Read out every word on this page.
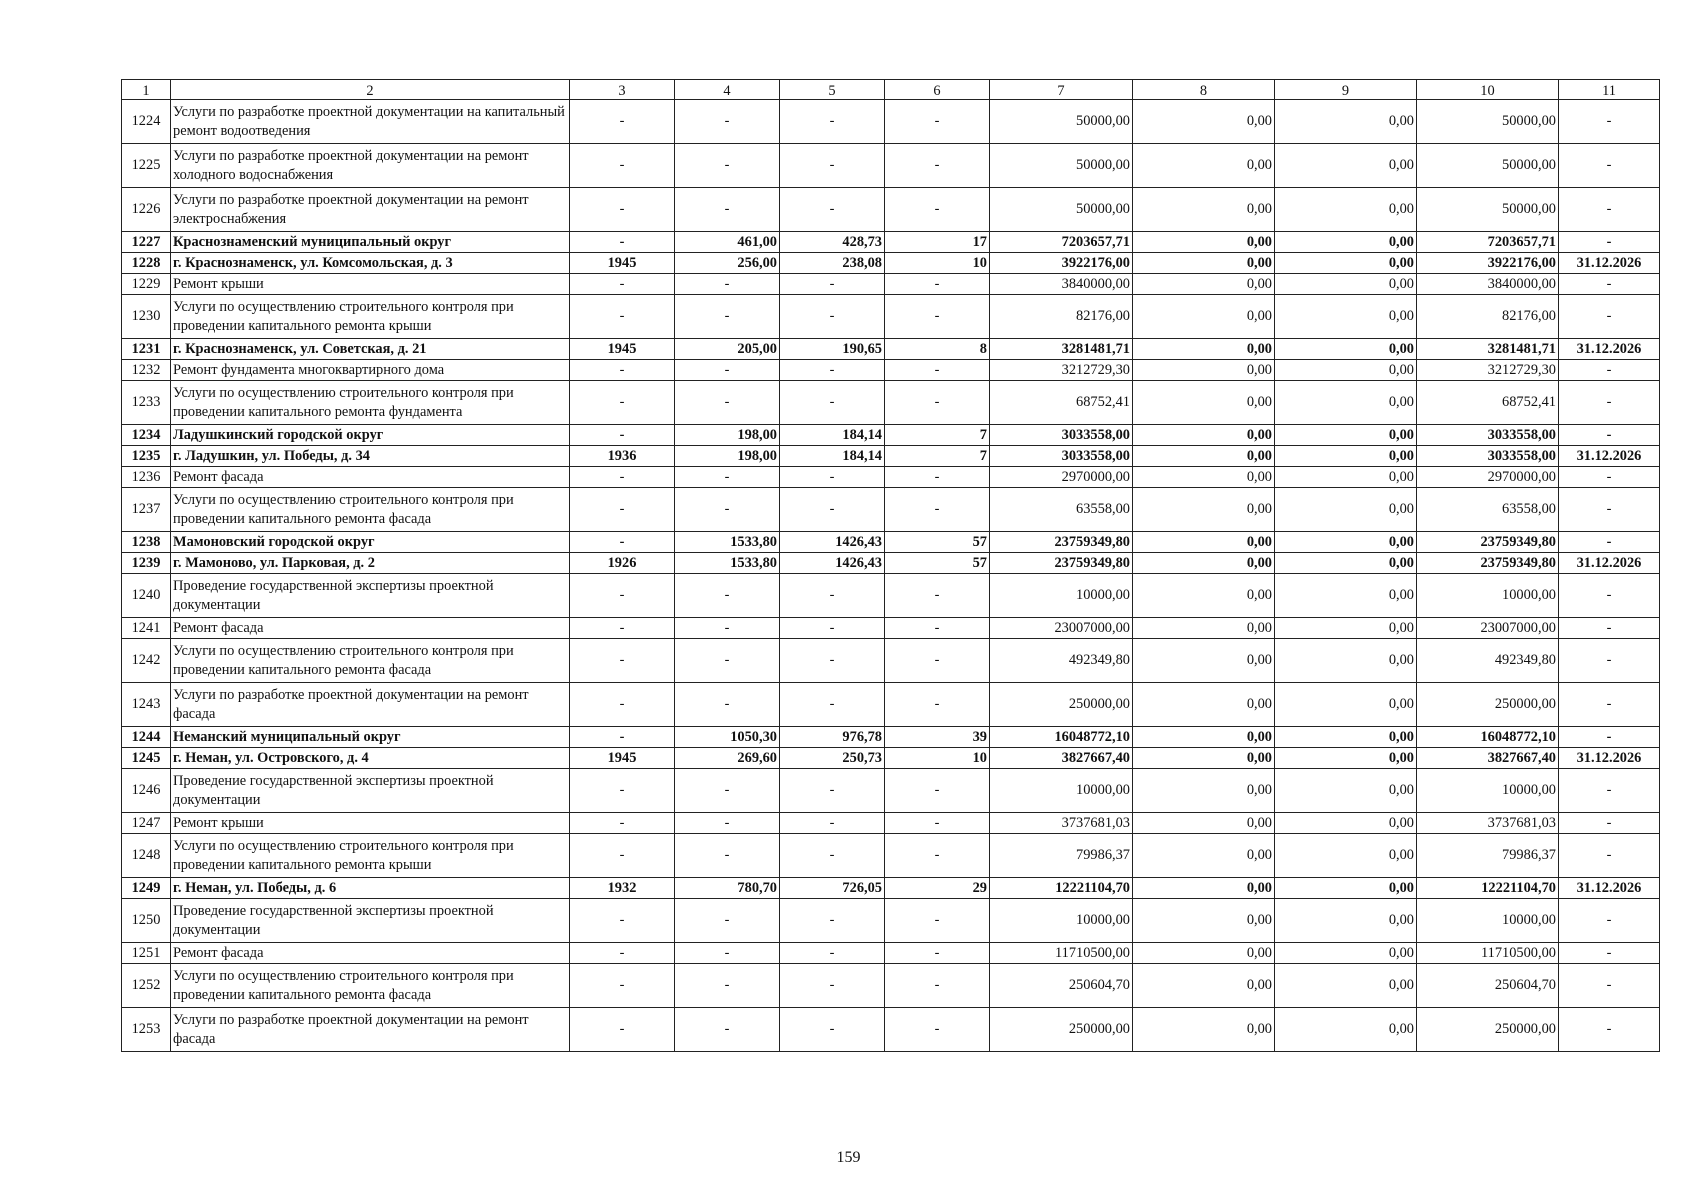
1	2	3	4	5	6	7	8	9	10	11
1224	Услуги по разработке проектной документации на капитальный ремонт водоотведения	-	-	-	-	50000,00	0,00	0,00	50000,00	-
1225	Услуги по разработке проектной документации на ремонт холодного водоснабжения	-	-	-	-	50000,00	0,00	0,00	50000,00	-
1226	Услуги по разработке проектной документации на ремонт электроснабжения	-	-	-	-	50000,00	0,00	0,00	50000,00	-
1227	Краснознаменский муниципальный округ	-	461,00	428,73	17	7203657,71	0,00	0,00	7203657,71	-
1228	г. Краснознаменск, ул. Комсомольская, д. 3	1945	256,00	238,08	10	3922176,00	0,00	0,00	3922176,00	31.12.2026
1229	Ремонт крыши	-	-	-	-	3840000,00	0,00	0,00	3840000,00	-
1230	Услуги по осуществлению строительного контроля при проведении капитального ремонта крыши	-	-	-	-	82176,00	0,00	0,00	82176,00	-
1231	г. Краснознаменск, ул. Советская, д. 21	1945	205,00	190,65	8	3281481,71	0,00	0,00	3281481,71	31.12.2026
1232	Ремонт фундамента многоквартирного дома	-	-	-	-	3212729,30	0,00	0,00	3212729,30	-
1233	Услуги по осуществлению строительного контроля при проведении капитального ремонта фундамента	-	-	-	-	68752,41	0,00	0,00	68752,41	-
1234	Ладушкинский городской округ	-	198,00	184,14	7	3033558,00	0,00	0,00	3033558,00	-
1235	г. Ладушкин, ул. Победы, д. 34	1936	198,00	184,14	7	3033558,00	0,00	0,00	3033558,00	31.12.2026
1236	Ремонт фасада	-	-	-	-	2970000,00	0,00	0,00	2970000,00	-
1237	Услуги по осуществлению строительного контроля при проведении капитального ремонта фасада	-	-	-	-	63558,00	0,00	0,00	63558,00	-
1238	Мамоновский городской округ	-	1533,80	1426,43	57	23759349,80	0,00	0,00	23759349,80	-
1239	г. Мамоново, ул. Парковая, д. 2	1926	1533,80	1426,43	57	23759349,80	0,00	0,00	23759349,80	31.12.2026
1240	Проведение государственной экспертизы проектной документации	-	-	-	-	10000,00	0,00	0,00	10000,00	-
1241	Ремонт фасада	-	-	-	-	23007000,00	0,00	0,00	23007000,00	-
1242	Услуги по осуществлению строительного контроля при проведении капитального ремонта фасада	-	-	-	-	492349,80	0,00	0,00	492349,80	-
1243	Услуги по разработке проектной документации на ремонт фасада	-	-	-	-	250000,00	0,00	0,00	250000,00	-
1244	Неманский муниципальный округ	-	1050,30	976,78	39	16048772,10	0,00	0,00	16048772,10	-
1245	г. Неман, ул. Островского, д. 4	1945	269,60	250,73	10	3827667,40	0,00	0,00	3827667,40	31.12.2026
1246	Проведение государственной экспертизы проектной документации	-	-	-	-	10000,00	0,00	0,00	10000,00	-
1247	Ремонт крыши	-	-	-	-	3737681,03	0,00	0,00	3737681,03	-
1248	Услуги по осуществлению строительного контроля при проведении капитального ремонта крыши	-	-	-	-	79986,37	0,00	0,00	79986,37	-
1249	г. Неман, ул. Победы, д. 6	1932	780,70	726,05	29	12221104,70	0,00	0,00	12221104,70	31.12.2026
1250	Проведение государственной экспертизы проектной документации	-	-	-	-	10000,00	0,00	0,00	10000,00	-
1251	Ремонт фасада	-	-	-	-	11710500,00	0,00	0,00	11710500,00	-
1252	Услуги по осуществлению строительного контроля при проведении капитального ремонта фасада	-	-	-	-	250604,70	0,00	0,00	250604,70	-
1253	Услуги по разработке проектной документации на ремонт фасада	-	-	-	-	250000,00	0,00	0,00	250000,00	-
159
